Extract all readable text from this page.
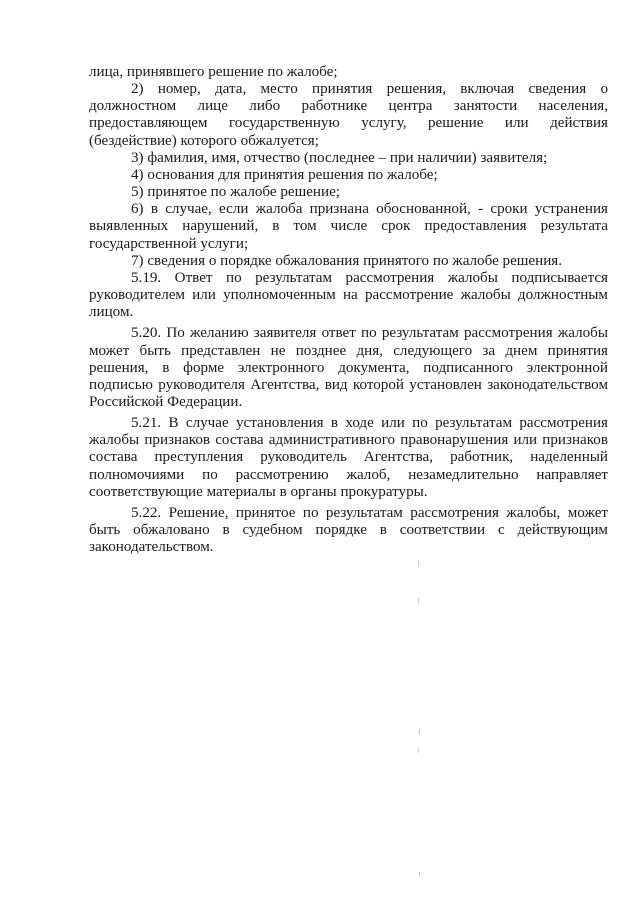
лица, принявшего решение по жалобе;

2) номер, дата, место принятия решения, включая сведения о должностном лице либо работнике центра занятости населения, предоставляющем государственную услугу, решение или действия (бездействие) которого обжалуется;

3) фамилия, имя, отчество (последнее – при наличии) заявителя;

4) основания для принятия решения по жалобе;

5) принятое по жалобе решение;

6) в случае, если жалоба признана обоснованной, - сроки устранения выявленных нарушений, в том числе срок предоставления результата государственной услуги;

7) сведения о порядке обжалования принятого по жалобе решения.

5.19. Ответ по результатам рассмотрения жалобы подписывается руководителем или уполномоченным на рассмотрение жалобы должностным лицом.

5.20. По желанию заявителя ответ по результатам рассмотрения жалобы может быть представлен не позднее дня, следующего за днем принятия решения, в форме электронного документа, подписанного электронной подписью руководителя Агентства, вид которой установлен законодательством Российской Федерации.

5.21. В случае установления в ходе или по результатам рассмотрения жалобы признаков состава административного правонарушения или признаков состава преступления руководитель Агентства, работник, наделенный полномочиями по рассмотрению жалоб, незамедлительно направляет соответствующие материалы в органы прокуратуры.

5.22. Решение, принятое по результатам рассмотрения жалобы, может быть обжаловано в судебном порядке в соответствии с действующим законодательством.
